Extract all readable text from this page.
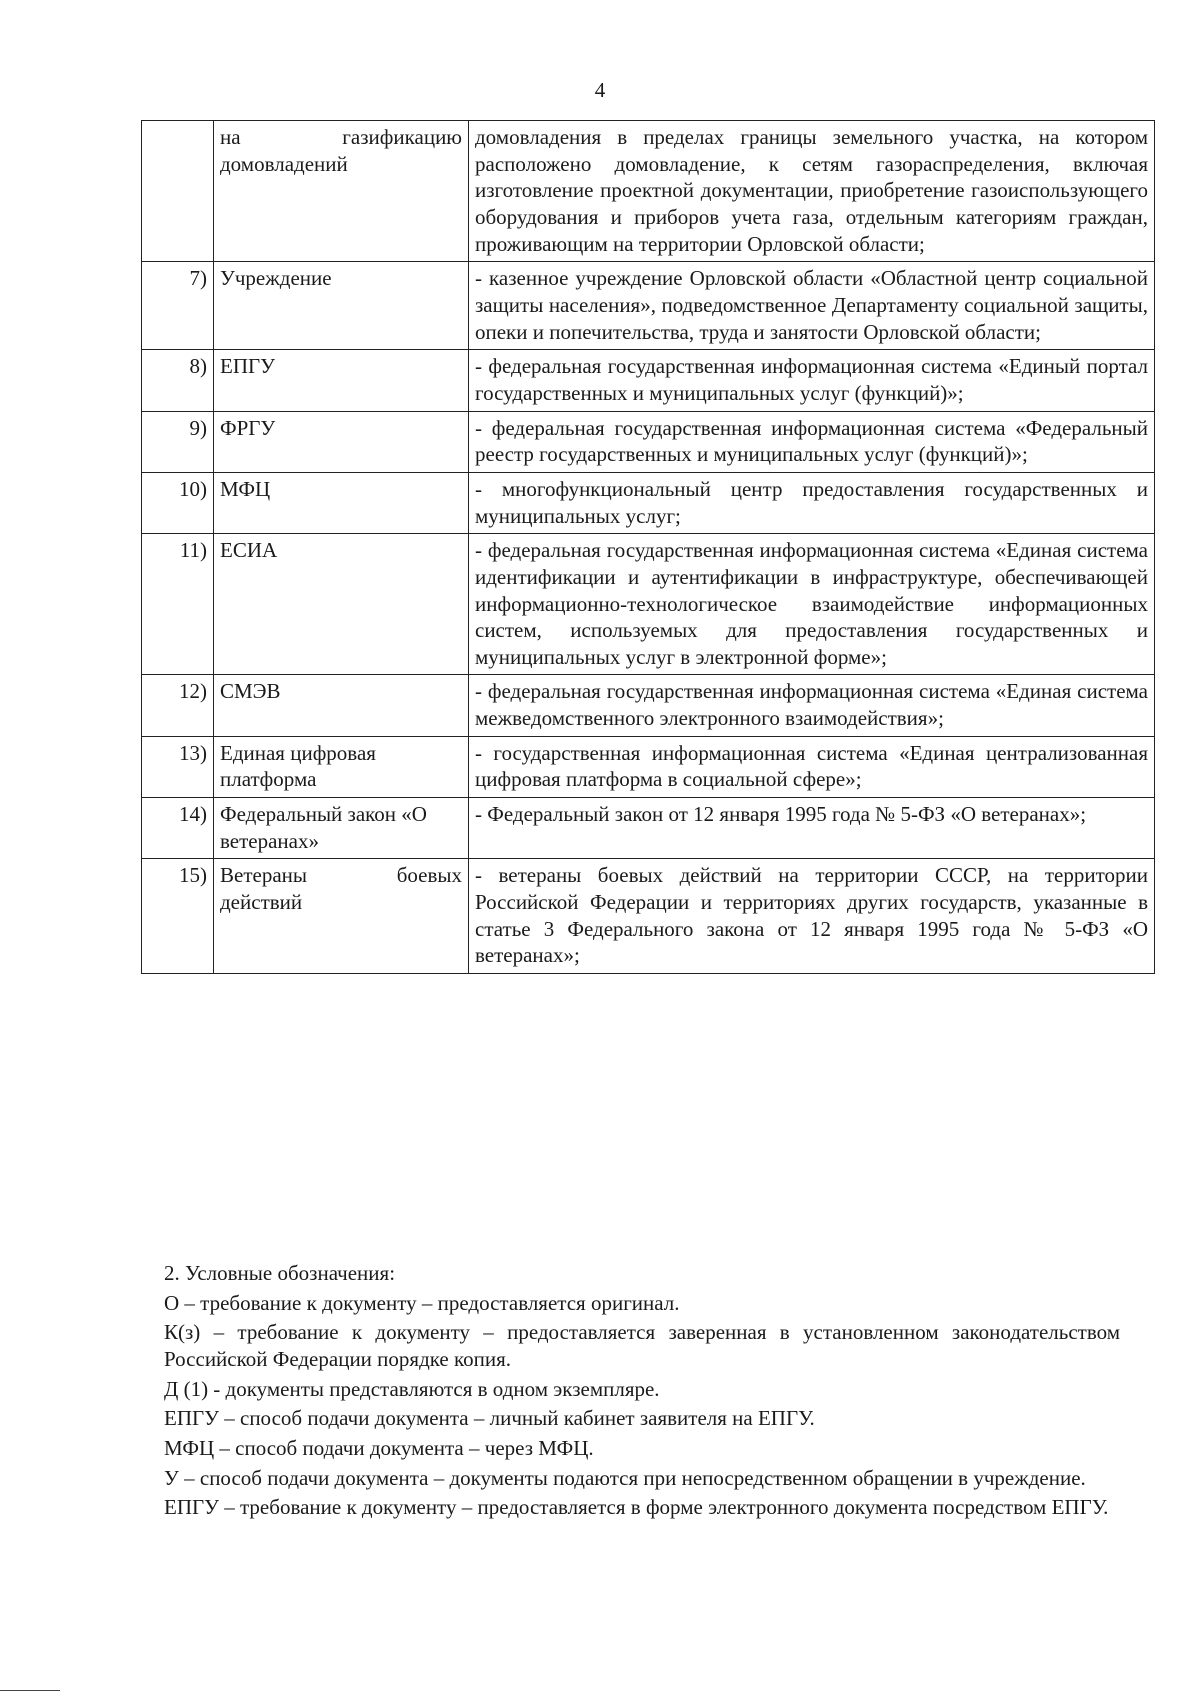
4
	на газификацию домовладений	домовладения в пределах границы земельного участка, на котором расположено домовладение, к сетям газораспределения, включая изготовление проектной документации, приобретение газоиспользующего оборудования и приборов учета газа, отдельным категориям граждан, проживающим на территории Орловской области;
7)	Учреждение	- казенное учреждение Орловской области «Областной центр социальной защиты населения», подведомственное Департаменту социальной защиты, опеки и попечительства, труда и занятости Орловской области;
8)	ЕПГУ	- федеральная государственная информационная система «Единый портал государственных и муниципальных услуг (функций)»;
9)	ФРГУ	- федеральная государственная информационная система «Федеральный реестр государственных и муниципальных услуг (функций)»;
10)	МФЦ	- многофункциональный центр предоставления государственных и муниципальных услуг;
11)	ЕСИА	- федеральная государственная информационная система «Единая система идентификации и аутентификации в инфраструктуре, обеспечивающей информационно-технологическое взаимодействие информационных систем, используемых для предоставления государственных и муниципальных услуг в электронной форме»;
12)	СМЭВ	- федеральная государственная информационная система «Единая система межведомственного электронного взаимодействия»;
13)	Единая цифровая платформа	- государственная информационная система «Единая централизованная цифровая платформа в социальной сфере»;
14)	Федеральный закон «О ветеранах»	- Федеральный закон от 12 января 1995 года № 5-ФЗ «О ветеранах»;
15)	Ветераны боевых действий	- ветераны боевых действий на территории СССР, на территории Российской Федерации и территориях других государств, указанные в статье 3 Федерального закона от 12 января 1995 года № 5-ФЗ «О ветеранах»;

2. Условные обозначения:

О – требование к документу – предоставляется оригинал.

К(з) – требование к документу – предоставляется заверенная в установленном законодательством Российской Федерации порядке копия.

Д (1) - документы представляются в одном экземпляре.

ЕПГУ – способ подачи документа – личный кабинет заявителя на ЕПГУ.

МФЦ – способ подачи документа – через МФЦ.

У – способ подачи документа – документы подаются при непосредственном обращении в учреждение.

ЕПГУ – требование к документу – предоставляется в форме электронного документа посредством ЕПГУ.
